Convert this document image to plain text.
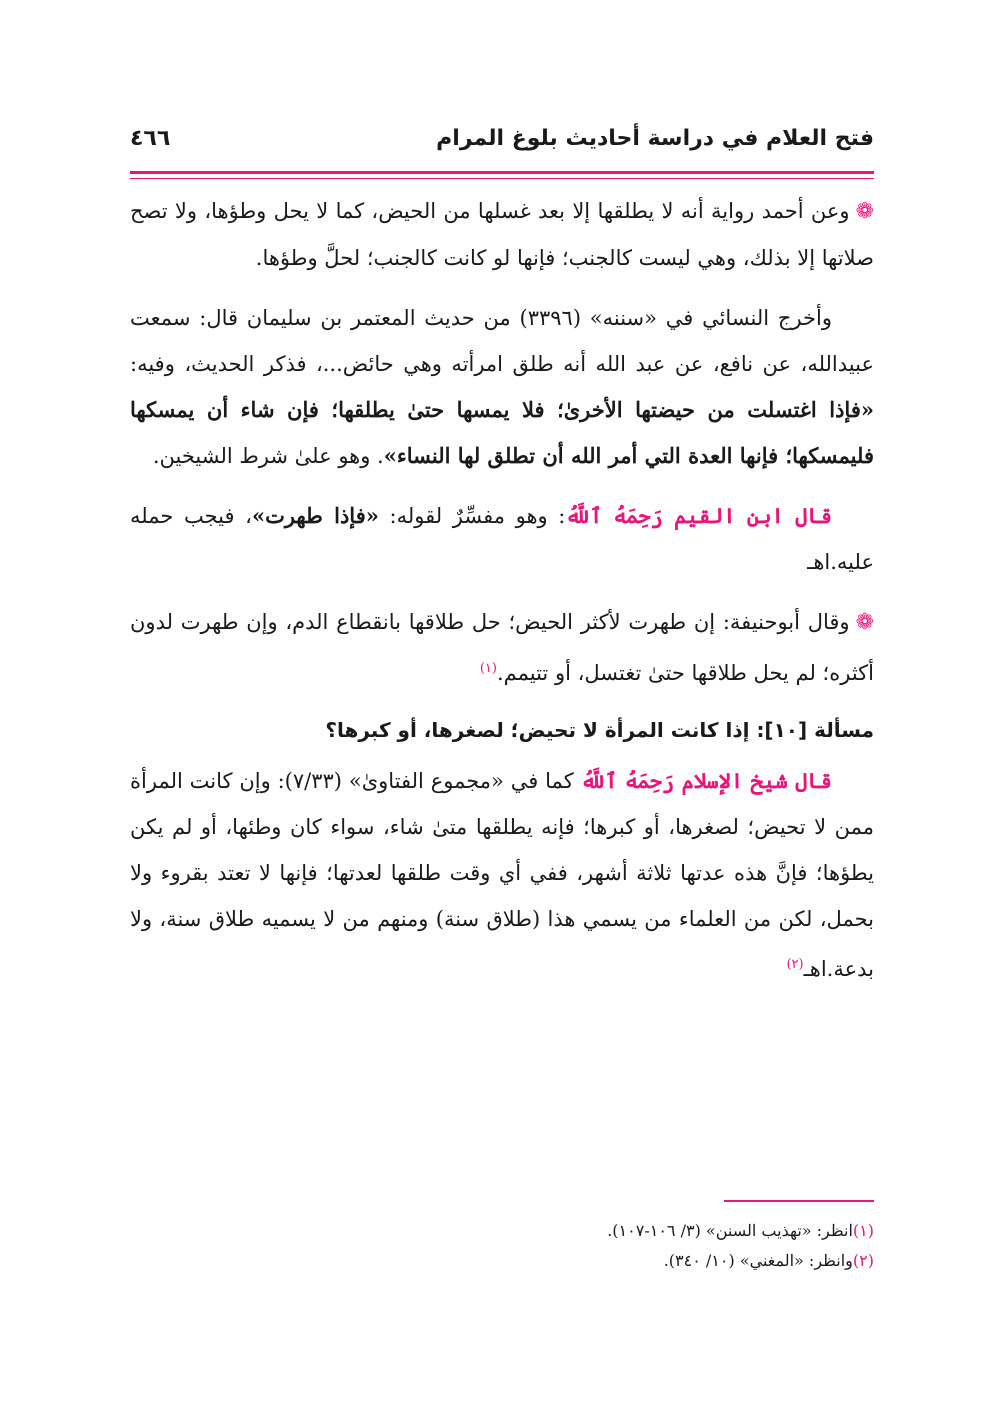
فتح العلام في دراسة أحاديث بلوغ المرام
٤٦٦

❁وعن أحمد رواية أنه لا يطلقها إلا بعد غسلها من الحيض، كما لا يحل وطؤها، ولا تصح صلاتها إلا بذلك، وهي ليست كالجنب؛ فإنها لو كانت كالجنب؛ لحلَّ وطؤها.

  وأخرج النسائي في «سننه» (٣٣٩٦) من حديث المعتمر بن سليمان قال: سمعت عبيدالله، عن نافع، عن عبد الله أنه طلق امرأته وهي حائض...، فذكر الحديث، وفيه: «فإذا اغتسلت من حيضتها الأخرىٰ؛ فلا يمسها حتىٰ يطلقها؛ فإن شاء أن يمسكها فليمسكها؛ فإنها العدة التي أمر الله أن تطلق لها النساء». وهو علىٰ شرط الشيخين.

  قال ابن القيم رَحِمَهُ ٱللَّهُ: وهو مفسِّرٌ لقوله: «فإذا طهرت»، فيجب حمله عليه.اهـ

❁وقال أبوحنيفة: إن طهرت لأكثر الحيض؛ حل طلاقها بانقطاع الدم، وإن طهرت لدون أكثره؛ لم يحل طلاقها حتىٰ تغتسل، أو تتيمم.$^{(١)}$

مسألة [١٠]: إذا كانت المرأة لا تحيض؛ لصغرها، أو كبرها؟

  قال شيخ الإسلام رَحِمَهُ ٱللَّهُ كما في «مجموع الفتاوىٰ» (٧/٣٣): وإن كانت المرأة ممن لا تحيض؛ لصغرها، أو كبرها؛ فإنه يطلقها متىٰ شاء، سواء كان وطئها، أو لم يكن يطؤها؛ فإنَّ هذه عدتها ثلاثة أشهر، ففي أي وقت طلقها لعدتها؛ فإنها لا تعتد بقروء ولا بحمل، لكن من العلماء من يسمي هذا (طلاق سنة) ومنهم من لا يسميه طلاق سنة، ولا بدعة.اهـ$^{(٢)}$

(١)انظر: «تهذيب السنن» (٣/ ١٠٦-١٠٧).
(٢)وانظر: «المغني» (١٠/ ٣٤٠).
